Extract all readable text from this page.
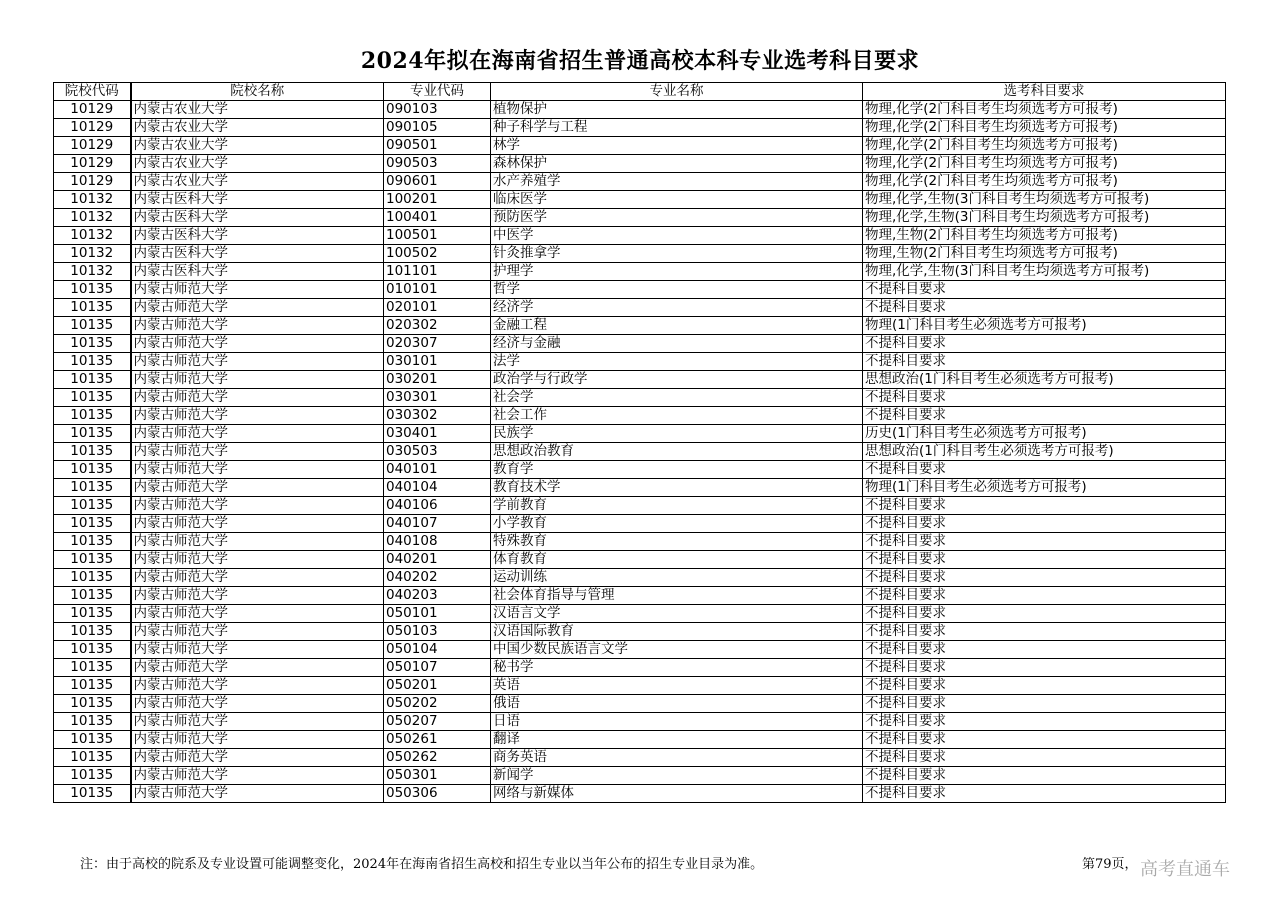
2024年拟在海南省招生普通高校本科专业选考科目要求
院校代码	院校名称	专业代码	专业名称	选考科目要求
10129	内蒙古农业大学	090103	植物保护	物理,化学(2门科目考生均须选考方可报考)
10129	内蒙古农业大学	090105	种子科学与工程	物理,化学(2门科目考生均须选考方可报考)
10129	内蒙古农业大学	090501	林学	物理,化学(2门科目考生均须选考方可报考)
10129	内蒙古农业大学	090503	森林保护	物理,化学(2门科目考生均须选考方可报考)
10129	内蒙古农业大学	090601	水产养殖学	物理,化学(2门科目考生均须选考方可报考)
10132	内蒙古医科大学	100201	临床医学	物理,化学,生物(3门科目考生均须选考方可报考)
10132	内蒙古医科大学	100401	预防医学	物理,化学,生物(3门科目考生均须选考方可报考)
10132	内蒙古医科大学	100501	中医学	物理,生物(2门科目考生均须选考方可报考)
10132	内蒙古医科大学	100502	针灸推拿学	物理,生物(2门科目考生均须选考方可报考)
10132	内蒙古医科大学	101101	护理学	物理,化学,生物(3门科目考生均须选考方可报考)
10135	内蒙古师范大学	010101	哲学	不提科目要求
10135	内蒙古师范大学	020101	经济学	不提科目要求
10135	内蒙古师范大学	020302	金融工程	物理(1门科目考生必须选考方可报考)
10135	内蒙古师范大学	020307	经济与金融	不提科目要求
10135	内蒙古师范大学	030101	法学	不提科目要求
10135	内蒙古师范大学	030201	政治学与行政学	思想政治(1门科目考生必须选考方可报考)
10135	内蒙古师范大学	030301	社会学	不提科目要求
10135	内蒙古师范大学	030302	社会工作	不提科目要求
10135	内蒙古师范大学	030401	民族学	历史(1门科目考生必须选考方可报考)
10135	内蒙古师范大学	030503	思想政治教育	思想政治(1门科目考生必须选考方可报考)
10135	内蒙古师范大学	040101	教育学	不提科目要求
10135	内蒙古师范大学	040104	教育技术学	物理(1门科目考生必须选考方可报考)
10135	内蒙古师范大学	040106	学前教育	不提科目要求
10135	内蒙古师范大学	040107	小学教育	不提科目要求
10135	内蒙古师范大学	040108	特殊教育	不提科目要求
10135	内蒙古师范大学	040201	体育教育	不提科目要求
10135	内蒙古师范大学	040202	运动训练	不提科目要求
10135	内蒙古师范大学	040203	社会体育指导与管理	不提科目要求
10135	内蒙古师范大学	050101	汉语言文学	不提科目要求
10135	内蒙古师范大学	050103	汉语国际教育	不提科目要求
10135	内蒙古师范大学	050104	中国少数民族语言文学	不提科目要求
10135	内蒙古师范大学	050107	秘书学	不提科目要求
10135	内蒙古师范大学	050201	英语	不提科目要求
10135	内蒙古师范大学	050202	俄语	不提科目要求
10135	内蒙古师范大学	050207	日语	不提科目要求
10135	内蒙古师范大学	050261	翻译	不提科目要求
10135	内蒙古师范大学	050262	商务英语	不提科目要求
10135	内蒙古师范大学	050301	新闻学	不提科目要求
10135	内蒙古师范大学	050306	网络与新媒体	不提科目要求
注：由于高校的院系及专业设置可能调整变化，2024年在海南省招生高校和招生专业以当年公布的招生专业目录为准。	第79页， 高考直通车
